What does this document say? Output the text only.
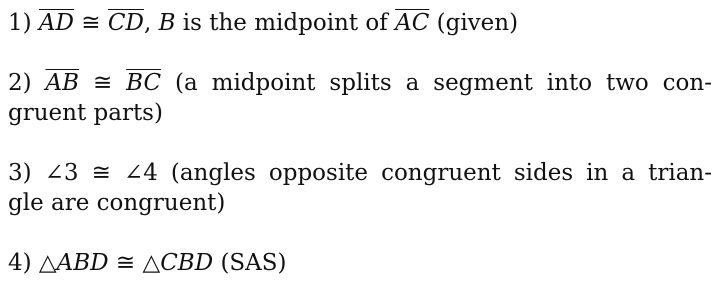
1) $\overline{AD}$ ≅ $\overline{CD}$, B is the midpoint of $\overline{AC}$ (given)
2) $\overline{AB}$ ≅ $\overline{BC}$ (a midpoint splits a segment into two con-
gruent parts)
3) ∠3 ≅ ∠4 (angles opposite congruent sides in a trian-
gle are congruent)
4) △ABD ≅ △CBD (SAS)
